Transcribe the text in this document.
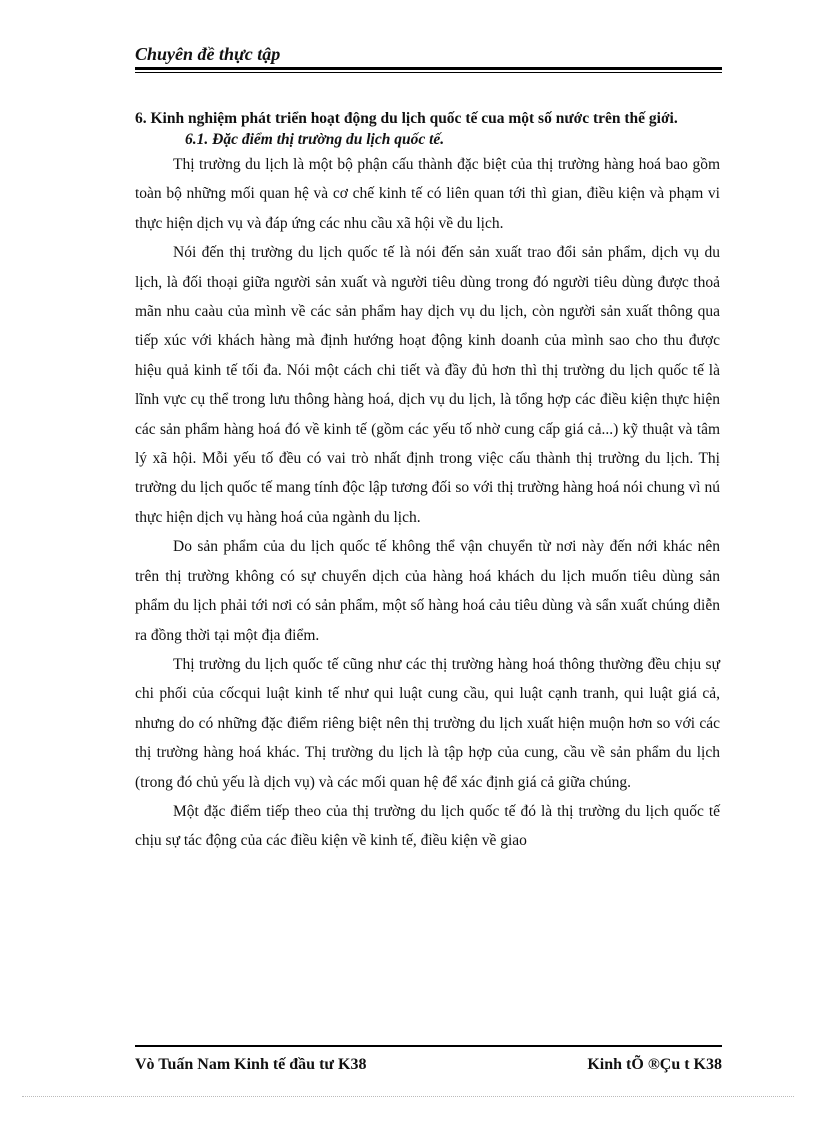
Chuyên đề thực tập

6. Kinh nghiệm phát triển hoạt động du lịch quốc tế cua một số nước trên thế giới.

6.1. Đặc điểm thị trường du lịch quốc tế.

Thị trường du lịch là một bộ phận cấu thành đặc biệt của thị trường hàng hoá bao gồm toàn bộ những mối quan hệ và cơ chế kinh tế có liên quan tới thì gian, điều kiện và phạm vi thực hiện dịch vụ và đáp ứng các nhu cầu xã hội về du lịch.

Nói đến thị trường du lịch quốc tế là nói đến sản xuất trao đổi sản phẩm, dịch vụ du lịch, là đối thoại giữa người sản xuất và người tiêu dùng trong đó người tiêu dùng được thoả mãn nhu caàu của mình về các sản phẩm hay dịch vụ du lịch, còn người sản xuất thông qua tiếp xúc với khách hàng mà định hướng hoạt động kinh doanh của mình sao cho thu được hiệu quả kinh tế tối đa. Nói một cách chi tiết và đầy đủ hơn thì thị trường du lịch quốc tế là lĩnh vực cụ thể trong lưu thông hàng hoá, dịch vụ du lịch, là tổng hợp các điều kiện thực hiện các sản phẩm hàng hoá đó về kinh tế (gồm các yếu tố nhờ cung cấp giá cả...) kỹ thuật và tâm lý xã hội. Mỗi yếu tố đều có vai trò nhất định trong việc cấu thành thị trường du lịch. Thị trường du lịch quốc tế mang tính độc lập tương đối so với thị trường hàng hoá nói chung vì nú thực hiện dịch vụ hàng hoá của ngành du lịch.

Do sản phẩm của du lịch quốc tế không thể vận chuyển từ nơi này đến nới khác nên trên thị trường không có sự chuyển dịch của hàng hoá khách du lịch muốn tiêu dùng sản phẩm du lịch phải tới nơi có sản phẩm, một số hàng hoá cảu tiêu dùng và sẩn xuất chúng diễn ra đồng thời tại một địa điểm.

Thị trường du lịch quốc tế cũng như các thị trường hàng hoá thông thường đều chịu sự chi phối của cốcqui luật kinh tế như qui luật cung cầu, qui luật cạnh tranh, qui luật giá cả, nhưng do có những đặc điểm riêng biệt nên thị trường du lịch xuất hiện muộn hơn so với các thị trường hàng hoá khác. Thị trường du lịch là tập hợp của cung, cầu về sản phẩm du lịch (trong đó chủ yếu là dịch vụ) và các mối quan hệ để xác định giá cả giữa chúng.

Một đặc điểm tiếp theo của thị trường du lịch quốc tế đó là thị trường du lịch quốc tế chịu sự tác động của các điều kiện về kinh tế, điều kiện về giao

Vò Tuấn Nam Kinh tế đầu tư K38	Kinh tÕ ®Çu t K38
